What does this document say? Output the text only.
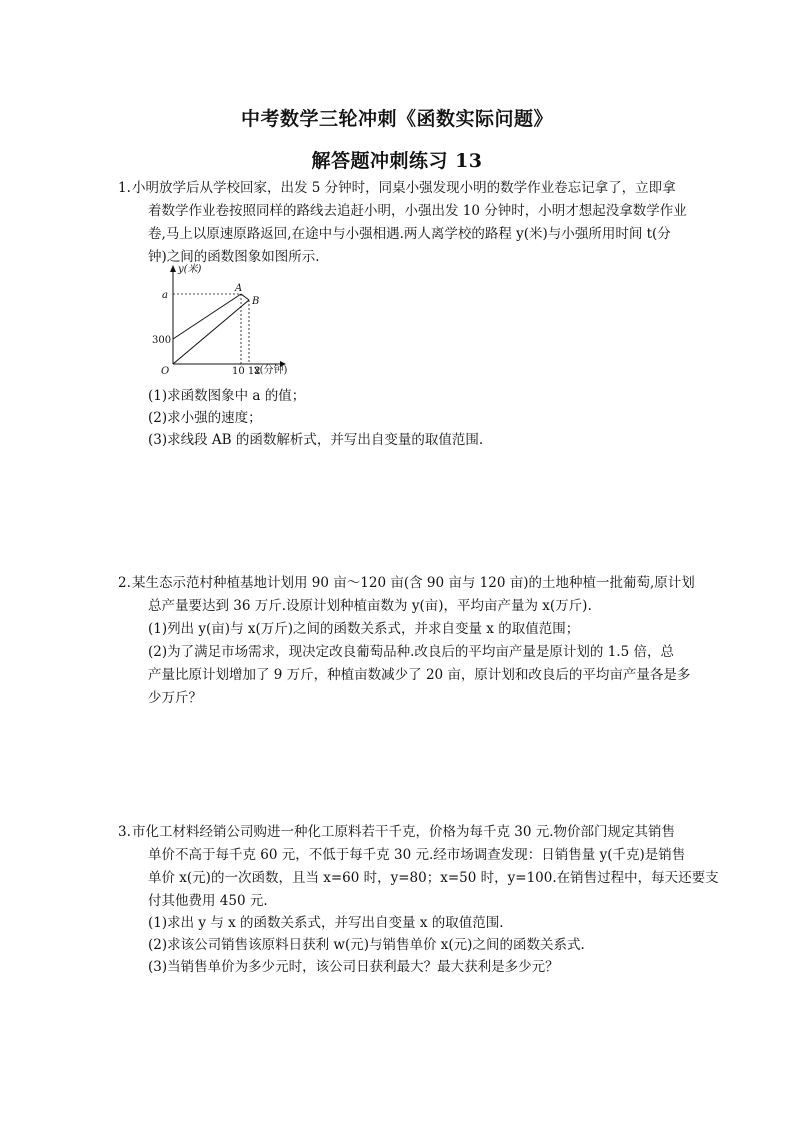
中考数学三轮冲刺《函数实际问题》
解答题冲刺练习 13
1. 小明放学后从学校回家，出发 5 分钟时，同桌小强发现小明的数学作业卷忘记拿了，立即拿
着数学作业卷按照同样的路线去追赶小明，小强出发 10 分钟时，小明才想起没拿数学作业
卷,马上以原速原路返回,在途中与小强相遇.两人离学校的路程 y(米)与小强所用时间 t(分
钟)之间的函数图象如图所示.
y(米)
x(分钟)
O
a
300
10 12
A
B
(1)求函数图象中 a 的值；
(2)求小强的速度；
(3)求线段 AB 的函数解析式，并写出自变量的取值范围.
2. 某生态示范村种植基地计划用 90 亩～120 亩(含 90 亩与 120 亩)的土地种植一批葡萄,原计划
总产量要达到 36 万斤.设原计划种植亩数为 y(亩)，平均亩产量为 x(万斤).
(1)列出 y(亩)与 x(万斤)之间的函数关系式，并求自变量 x 的取值范围；
(2)为了满足市场需求，现决定改良葡萄品种.改良后的平均亩产量是原计划的 1.5 倍，总
产量比原计划增加了 9 万斤，种植亩数减少了 20 亩，原计划和改良后的平均亩产量各是多
少万斤？
3. 市化工材料经销公司购进一种化工原料若干千克，价格为每千克 30 元.物价部门规定其销售
单价不高于每千克 60 元，不低于每千克 30 元.经市场调查发现：日销售量 y(千克)是销售
单价 x(元)的一次函数，且当 x=60 时，y=80；x=50 时，y=100.在销售过程中，每天还要支
付其他费用 450 元.
(1)求出 y 与 x 的函数关系式，并写出自变量 x 的取值范围.
(2)求该公司销售该原料日获利 w(元)与销售单价 x(元)之间的函数关系式.
(3)当销售单价为多少元时，该公司日获利最大？最大获利是多少元？
